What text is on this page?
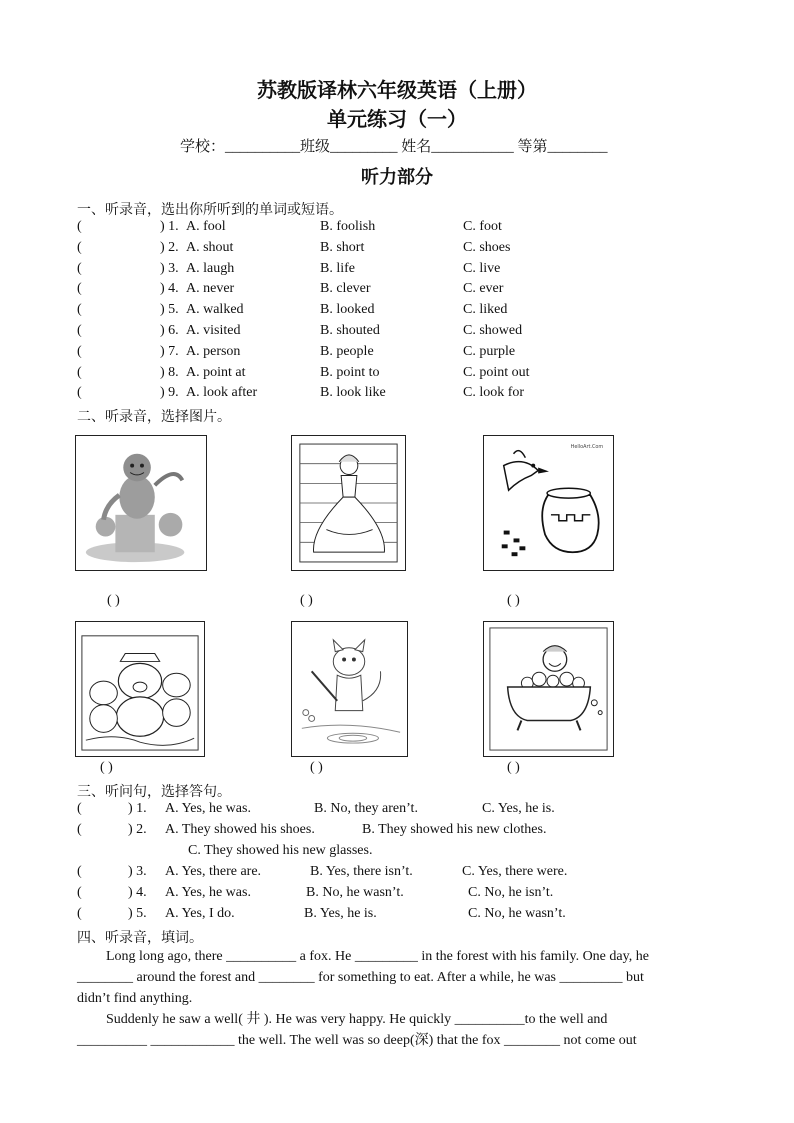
苏教版译林六年级英语（上册）
单元练习（一）
学校：__________班级_________ 姓名___________ 等第________
听力部分
一、听录音，选出你所听到的单词或短语。
(	) 1. A. fool	B. foolish	C. foot
(	) 2. A. shout	B. short	C. shoes
(	) 3. A. laugh	B. life	C. live
(	) 4. A. never	B. clever	C. ever
(	) 5. A. walked	B. looked	C. liked
(	) 6. A. visited	B. shouted	C. showed
(	) 7. A. person	B. people	C. purple
(	) 8. A. point at	B. point to	C. point out
(	) 9. A. look after	B. look like	C. look for
二、听录音，选择图片。
( )	( )
HelloArt.Com
( )
( )	( )	( )
三、听问句，选择答句。
(	) 1. A. Yes, he was.	B. No, they aren’t.	C. Yes, he is.
(	) 2. A. They showed his shoes.	B. They showed his new clothes.
C. They showed his new glasses.
(	) 3. A. Yes, there are.	B. Yes, there isn’t.	C. Yes, there were.
(	) 4. A. Yes, he was.	B. No, he wasn’t.	C. No, he isn’t.
(	) 5. A. Yes, I do.	B. Yes, he is.	C. No, he wasn’t.
四、听录音，填词。
Long long ago, there __________ a fox. He _________ in the forest with his family. One day, he
________ around the forest and ________ for something to eat. After a while, he was _________ but
didn’t find anything.
Suddenly he saw a well( 井 ). He was very happy. He quickly __________to the well and
__________ ____________ the well. The well was so deep(深) that the fox ________ not come out
